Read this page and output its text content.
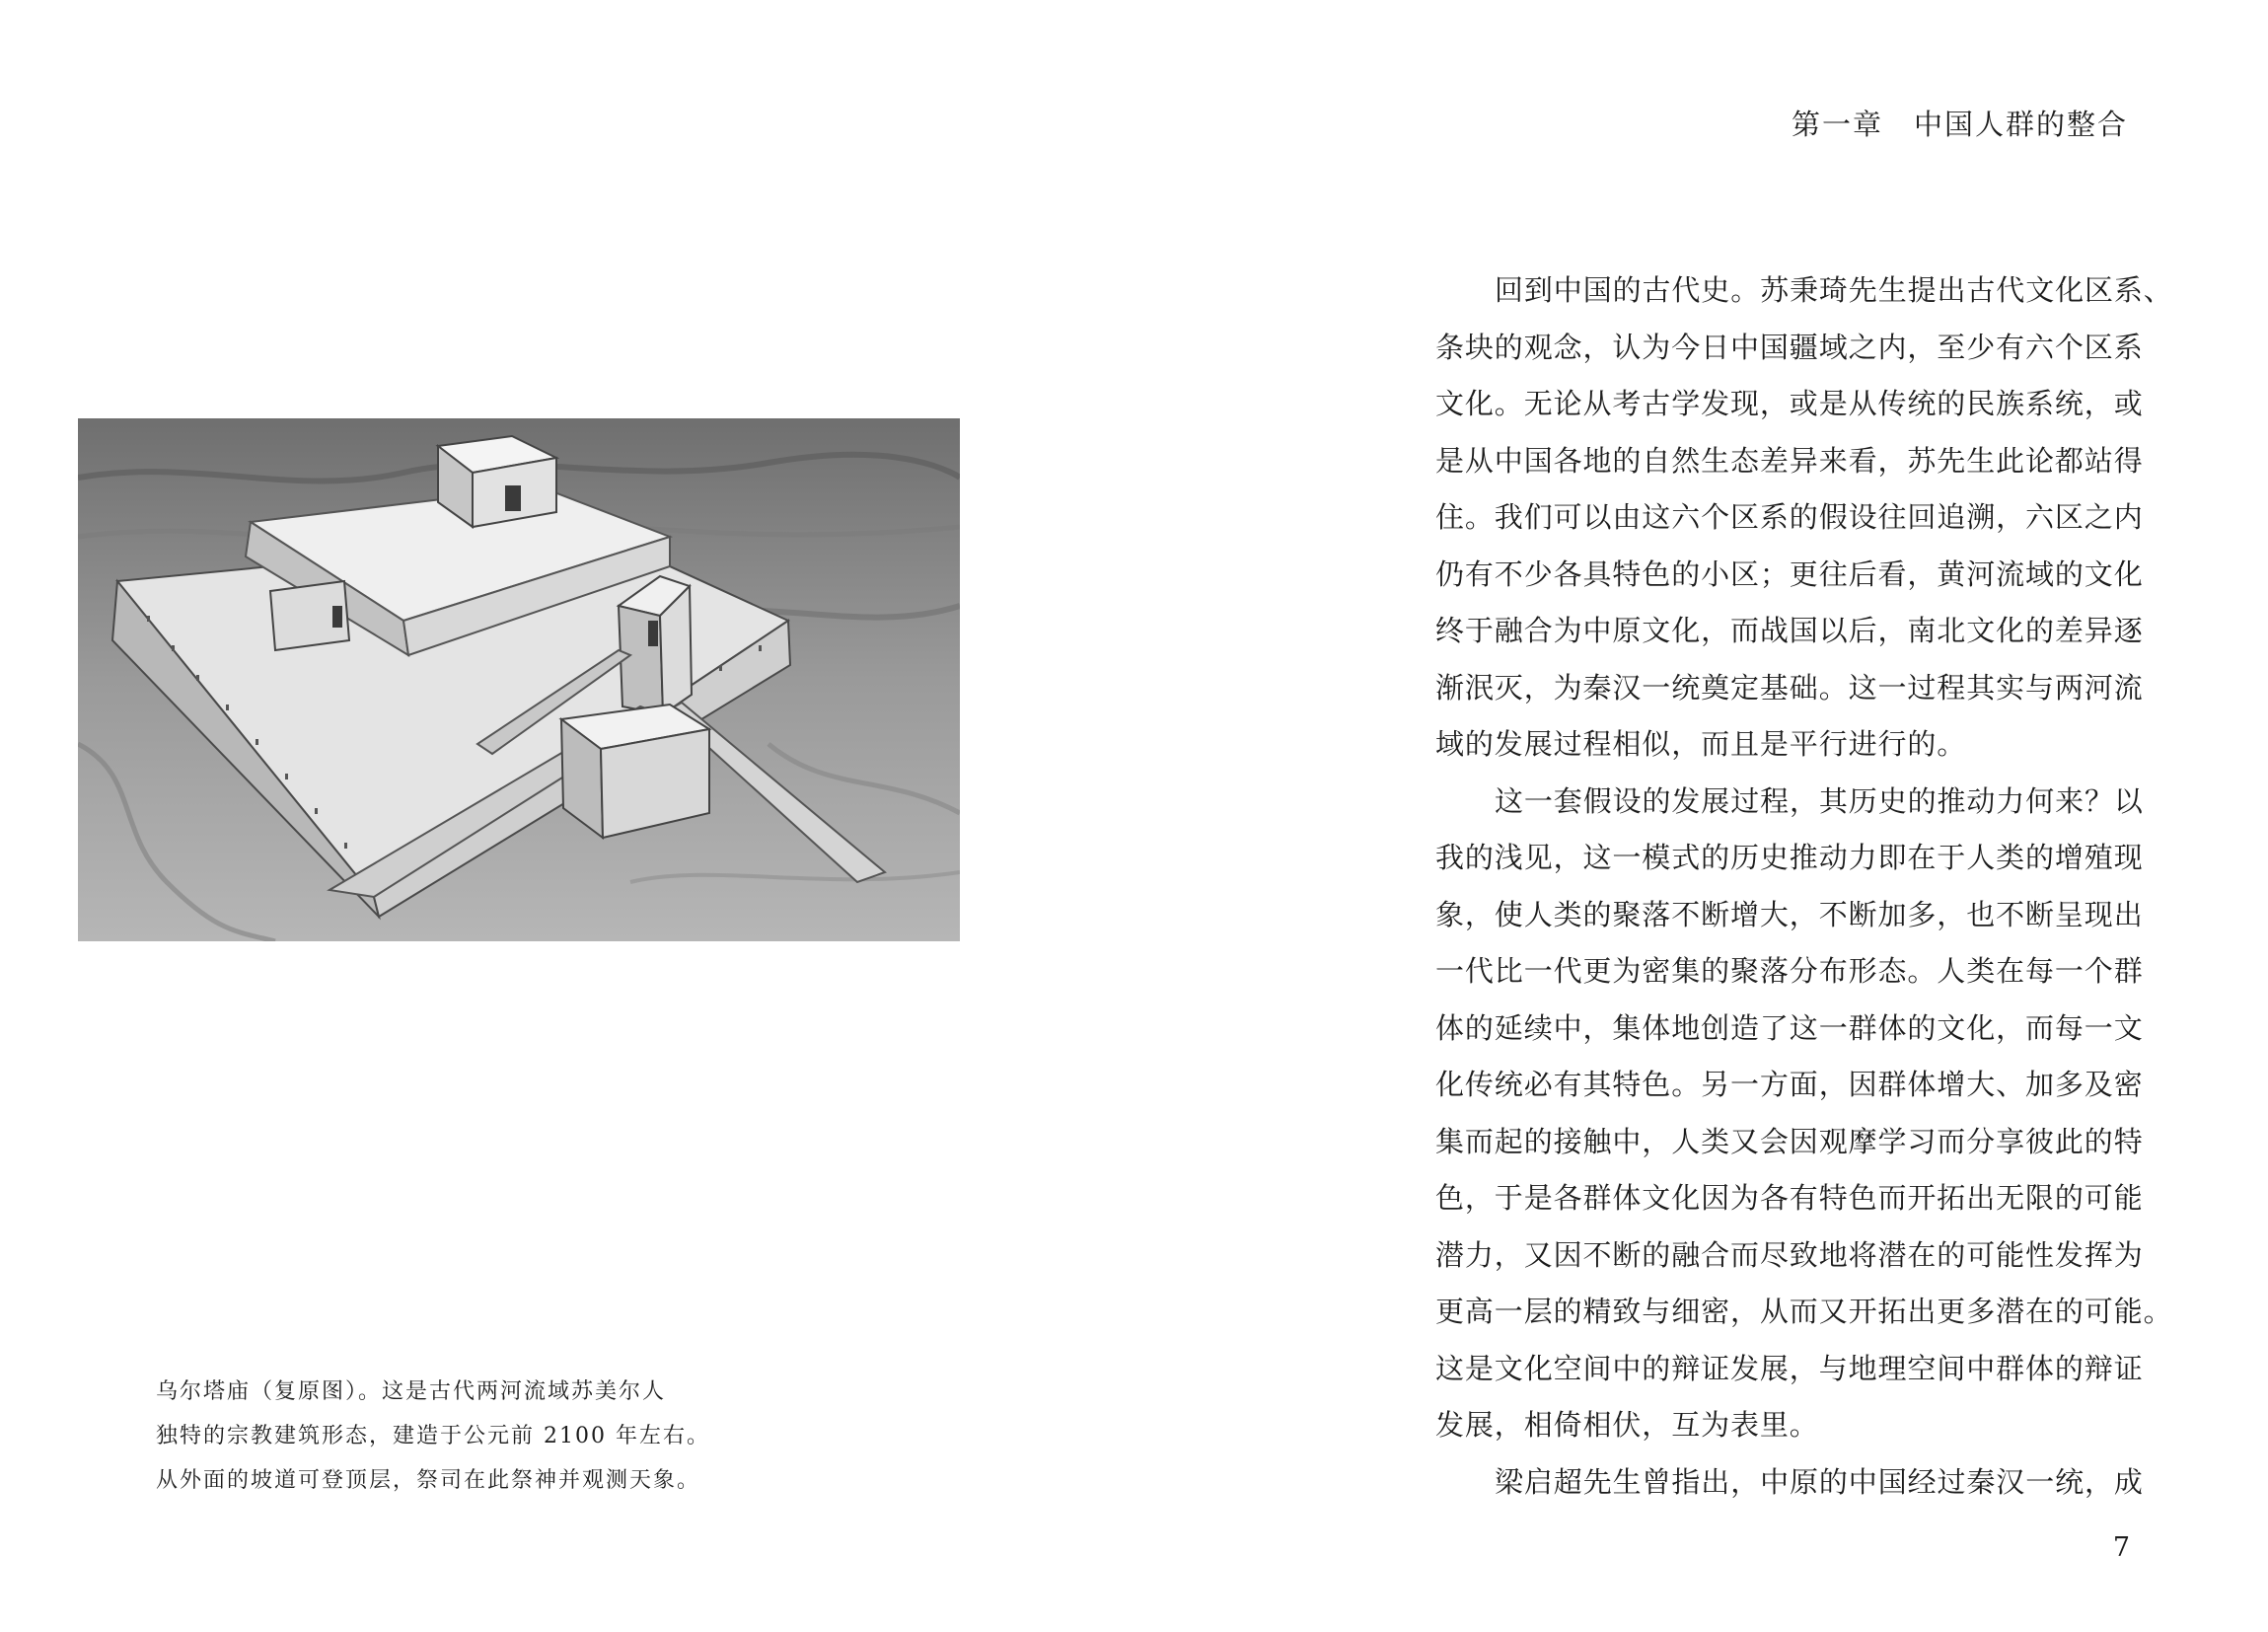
第一章　中国人群的整合
乌尔塔庙（复原图）。这是古代两河流域苏美尔人
独特的宗教建筑形态，建造于公元前 2100 年左右。
从外面的坡道可登顶层，祭司在此祭神并观测天象。
回到中国的古代史。苏秉琦先生提出古代文化区系、
条块的观念，认为今日中国疆域之内，至少有六个区系
文化。无论从考古学发现，或是从传统的民族系统，或
是从中国各地的自然生态差异来看，苏先生此论都站得
住。我们可以由这六个区系的假设往回追溯，六区之内
仍有不少各具特色的小区；更往后看，黄河流域的文化
终于融合为中原文化，而战国以后，南北文化的差异逐
渐泯灭，为秦汉一统奠定基础。这一过程其实与两河流
域的发展过程相似，而且是平行进行的。
这一套假设的发展过程，其历史的推动力何来？以
我的浅见，这一模式的历史推动力即在于人类的增殖现
象，使人类的聚落不断增大，不断加多，也不断呈现出
一代比一代更为密集的聚落分布形态。人类在每一个群
体的延续中，集体地创造了这一群体的文化，而每一文
化传统必有其特色。另一方面，因群体增大、加多及密
集而起的接触中，人类又会因观摩学习而分享彼此的特
色，于是各群体文化因为各有特色而开拓出无限的可能
潜力，又因不断的融合而尽致地将潜在的可能性发挥为
更高一层的精致与细密，从而又开拓出更多潜在的可能。
这是文化空间中的辩证发展，与地理空间中群体的辩证
发展，相倚相伏，互为表里。
梁启超先生曾指出，中原的中国经过秦汉一统，成
7
